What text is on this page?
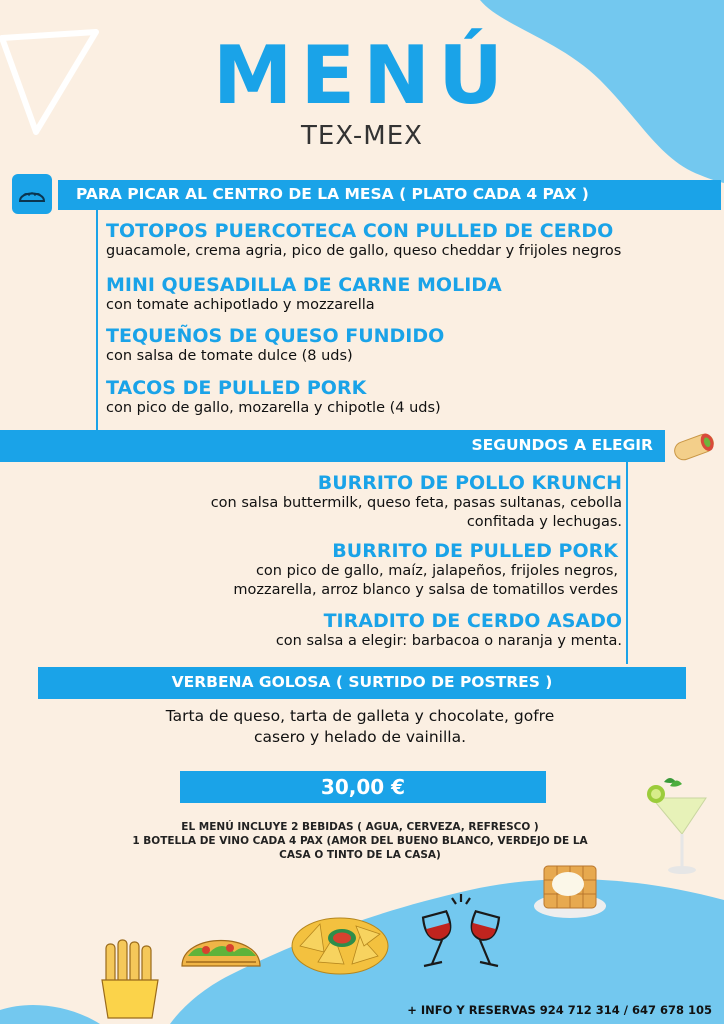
MENÚ
TEX-MEX
PARA PICAR AL CENTRO DE LA MESA ( PLATO CADA 4 PAX )
TOTOPOS PUERCOTECA CON PULLED DE CERDO
guacamole, crema agria, pico de gallo, queso cheddar y frijoles negros
MINI QUESADILLA DE CARNE MOLIDA
con tomate achipotlado y mozzarella
TEQUEÑOS DE QUESO FUNDIDO
con salsa de tomate dulce (8 uds)
TACOS DE PULLED PORK
con pico de gallo, mozarella y chipotle (4 uds)
SEGUNDOS A ELEGIR
BURRITO DE POLLO KRUNCH
con salsa buttermilk, queso feta, pasas sultanas, cebolla
confitada y lechugas.
BURRITO DE PULLED PORK
con pico de gallo, maíz, jalapeños, frijoles negros,
mozzarella, arroz blanco y salsa de tomatillos verdes
TIRADITO DE CERDO ASADO
con salsa a elegir: barbacoa o naranja y menta.
VERBENA GOLOSA ( SURTIDO DE POSTRES )
Tarta de queso, tarta de galleta y chocolate, gofre
casero y helado de vainilla.
30,00 €
EL MENÚ INCLUYE 2 BEBIDAS ( AGUA, CERVEZA, REFRESCO )
1 BOTELLA DE VINO CADA 4 PAX (AMOR DEL BUENO BLANCO, VERDEJO DE LA
CASA O TINTO DE LA CASA)
+ INFO Y RESERVAS 924 712 314 / 647 678 105
